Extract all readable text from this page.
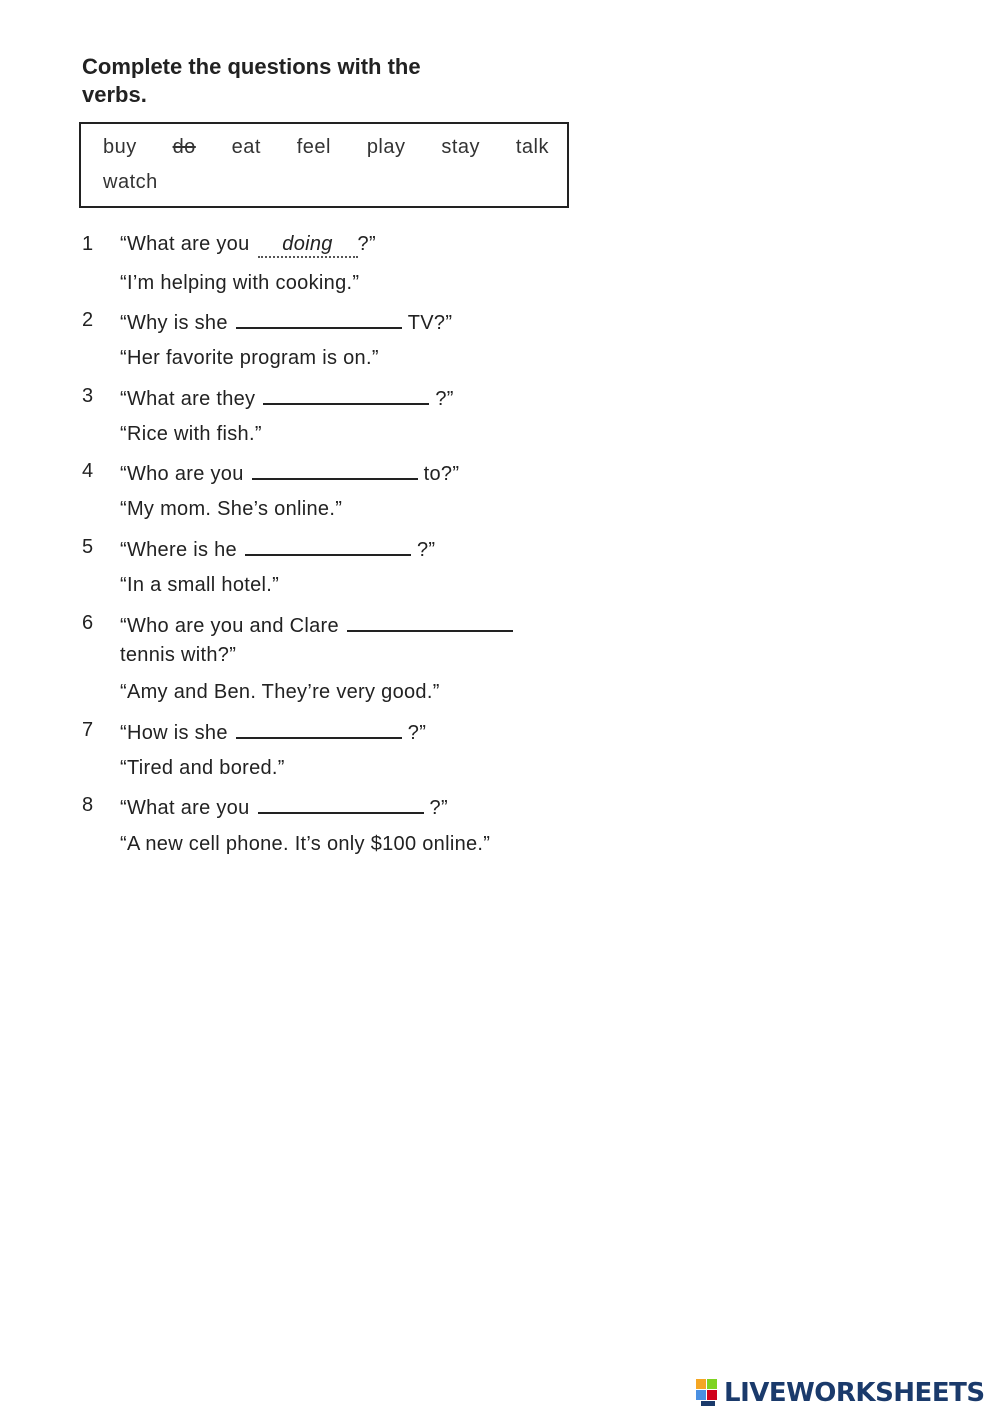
Complete the questions with the
verbs.
buy do eat feel play stay talk
watch
1 “What are you doing ?”
“I’m helping with cooking.”
2 “Why is she	TV?”
“Her favorite program is on.”
3 “What are they	?”
“Rice with fish.”
4 “Who are you	to?”
“My mom. She’s online.”
5 “Where is he	?”
“In a small hotel.”
6 “Who are you and Clare
tennis with?”
“Amy and Ben. They’re very good.”
7 “How is she	?”
“Tired and bored.”
8 “What are you	?”
“A new cell phone. It’s only $100 online.”
LIVEWORKSHEETS
